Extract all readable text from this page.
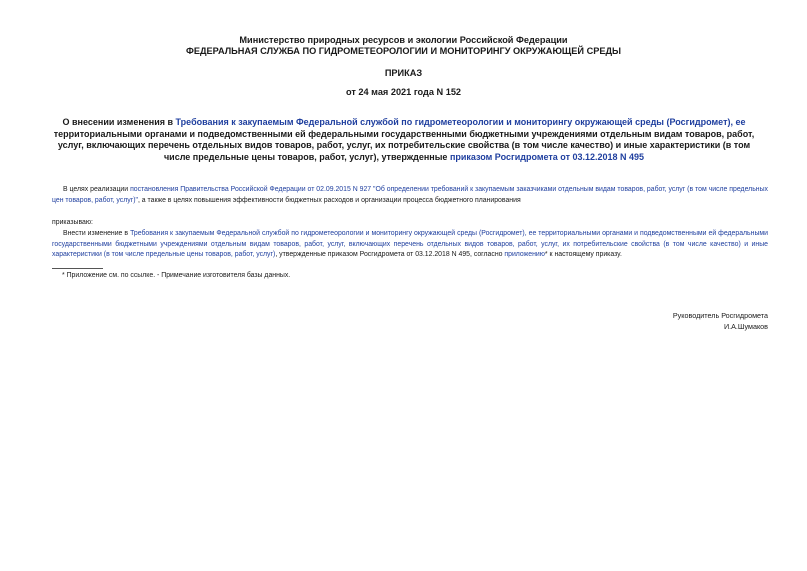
Министерство природных ресурсов и экологии Российской Федерации
ФЕДЕРАЛЬНАЯ СЛУЖБА ПО ГИДРОМЕТЕОРОЛОГИИ И МОНИТОРИНГУ ОКРУЖАЮЩЕЙ СРЕДЫ
ПРИКАЗ
от 24 мая 2021 года N 152
О внесении изменения в Требования к закупаемым Федеральной службой по гидрометеорологии и мониторингу окружающей среды (Росгидромет), ее территориальными органами и подведомственными ей федеральными государственными бюджетными учреждениями отдельным видам товаров, работ, услуг, включающих перечень отдельных видов товаров, работ, услуг, их потребительские свойства (в том числе качество) и иные характеристики (в том числе предельные цены товаров, работ, услуг), утвержденные приказом Росгидромета от 03.12.2018 N 495
В целях реализации постановления Правительства Российской Федерации от 02.09.2015 N 927 "Об определении требований к закупаемым заказчиками отдельным видам товаров, работ, услуг (в том числе предельных цен товаров, работ, услуг)", а также в целях повышения эффективности бюджетных расходов и организации процесса бюджетного планирования
приказываю:
Внести изменение в Требования к закупаемым Федеральной службой по гидрометеорологии и мониторингу окружающей среды (Росгидромет), ее территориальными органами и подведомственными ей федеральными государственными бюджетными учреждениями отдельным видам товаров, работ, услуг, включающих перечень отдельных видов товаров, работ, услуг, их потребительские свойства (в том числе качество) и иные характеристики (в том числе предельные цены товаров, работ, услуг), утвержденные приказом Росгидромета от 03.12.2018 N 495, согласно приложению* к настоящему приказу.
* Приложение см. по ссылке. - Примечание изготовителя базы данных.
Руководитель Росгидромета
И.А.Шумаков
